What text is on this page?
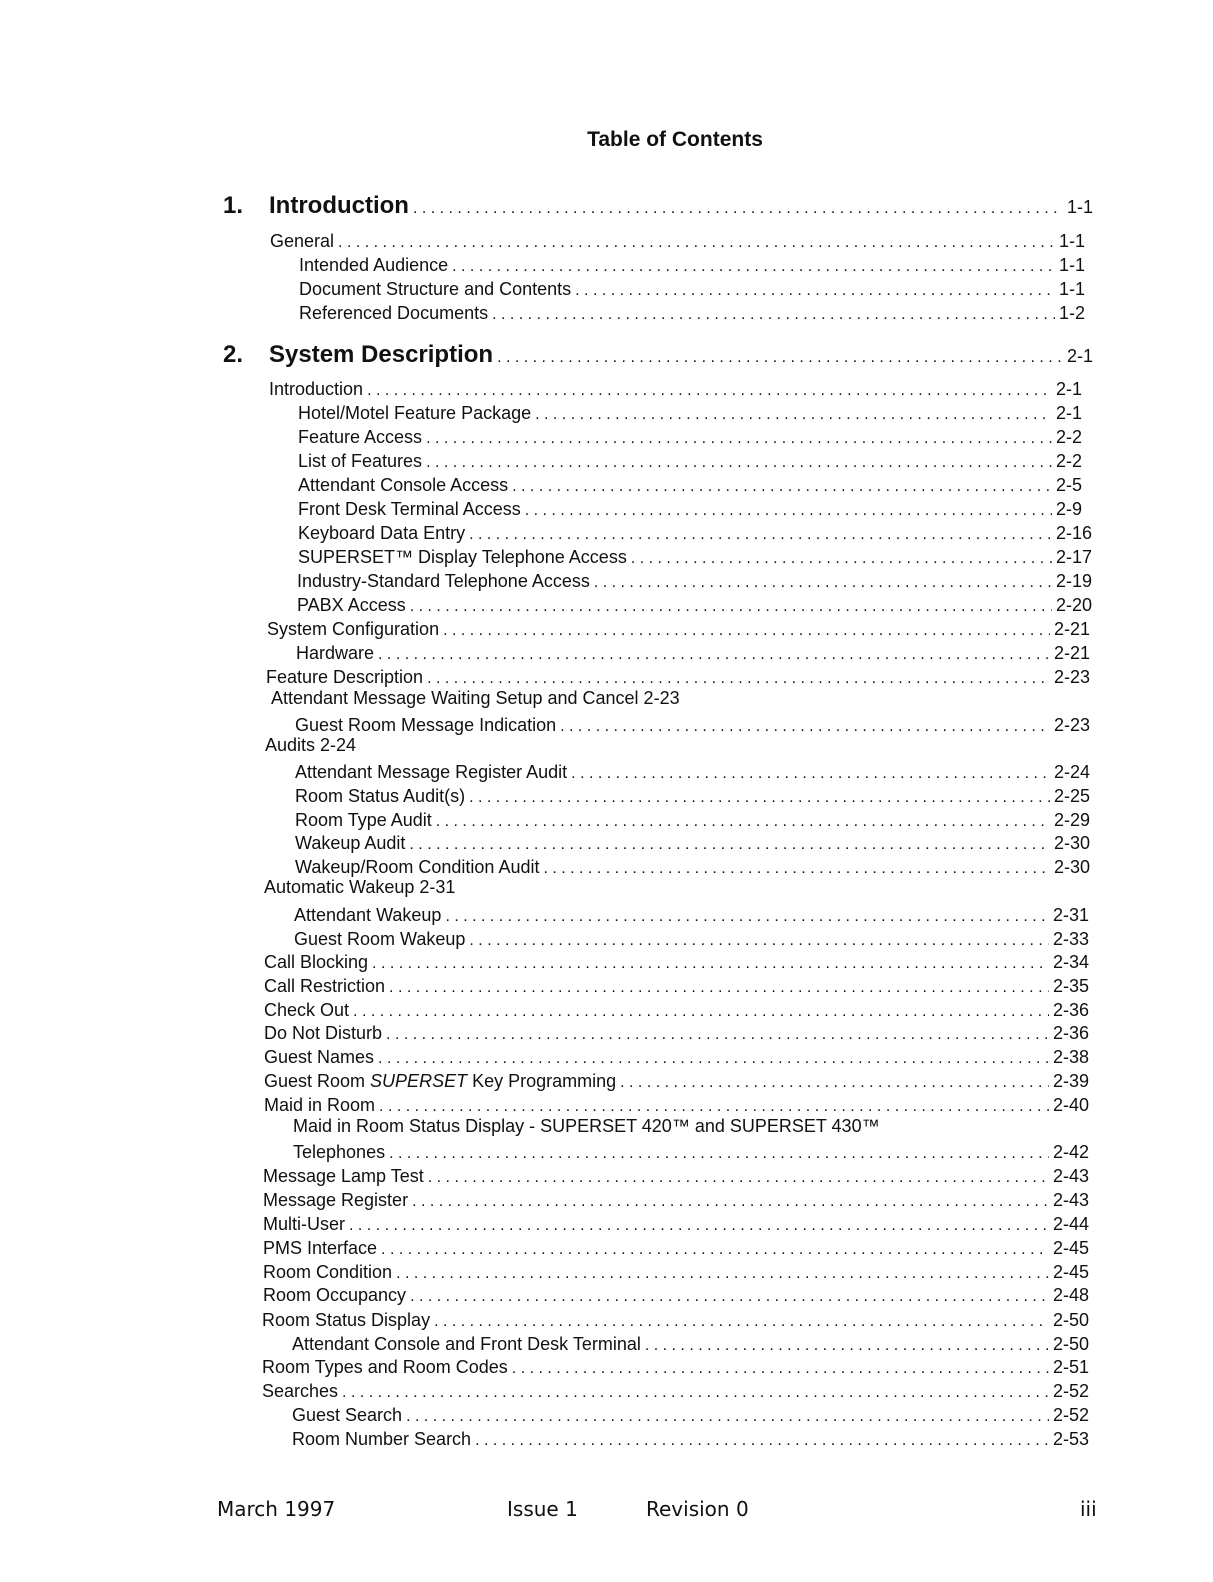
Table of Contents
1.	Introduction . . .	1-1
General . . .	1-1
Intended Audience . . .	1-1
Document Structure and Contents . . .	1-1
Referenced Documents . . .	1-2
2.	System Description . . .	2-1
Introduction . . .	2-1
Hotel/Motel Feature Package . . .	2-1
Feature Access . . .	2-2
List of Features . . .	2-2
Attendant Console Access . . .	2-5
Front Desk Terminal Access . . .	2-9
Keyboard Data Entry . . .	2-16
SUPERSET™ Display Telephone Access . . .	2-17
Industry-Standard Telephone Access . . .	2-19
PABX Access . . .	2-20
System Configuration . . .	2-21
Hardware . . .	2-21
Feature Description . . .	2-23
Attendant Message Waiting Setup and Cancel 2-23
Guest Room Message Indication . . .	2-23
Audits 2-24
Attendant Message Register Audit . . .	2-24
Room Status Audit(s) . . .	2-25
Room Type Audit . . .	2-29
Wakeup Audit . . .	2-30
Wakeup/Room Condition Audit . . .	2-30
Automatic Wakeup 2-31
Attendant Wakeup . . .	2-31
Guest Room Wakeup . . .	2-33
Call Blocking . . .	2-34
Call Restriction . . .	2-35
Check Out . . .	2-36
Do Not Disturb . . .	2-36
Guest Names . . .	2-38
Guest Room SUPERSET Key Programming . . .	2-39
Maid in Room . . .	2-40
Maid in Room Status Display - SUPERSET 420™ and SUPERSET 430™
Telephones . . .	2-42
Message Lamp Test . . .	2-43
Message Register . . .	2-43
Multi-User . . .	2-44
PMS Interface . . .	2-45
Room Condition . . .	2-45
Room Occupancy . . .	2-48
Room Status Display . . .	2-50
Attendant Console and Front Desk Terminal . . .	2-50
Room Types and Room Codes . . .	2-51
Searches . . .	2-52
Guest Search . . .	2-52
Room Number Search . . .	2-53
March 1997	Issue 1	Revision 0	iii
